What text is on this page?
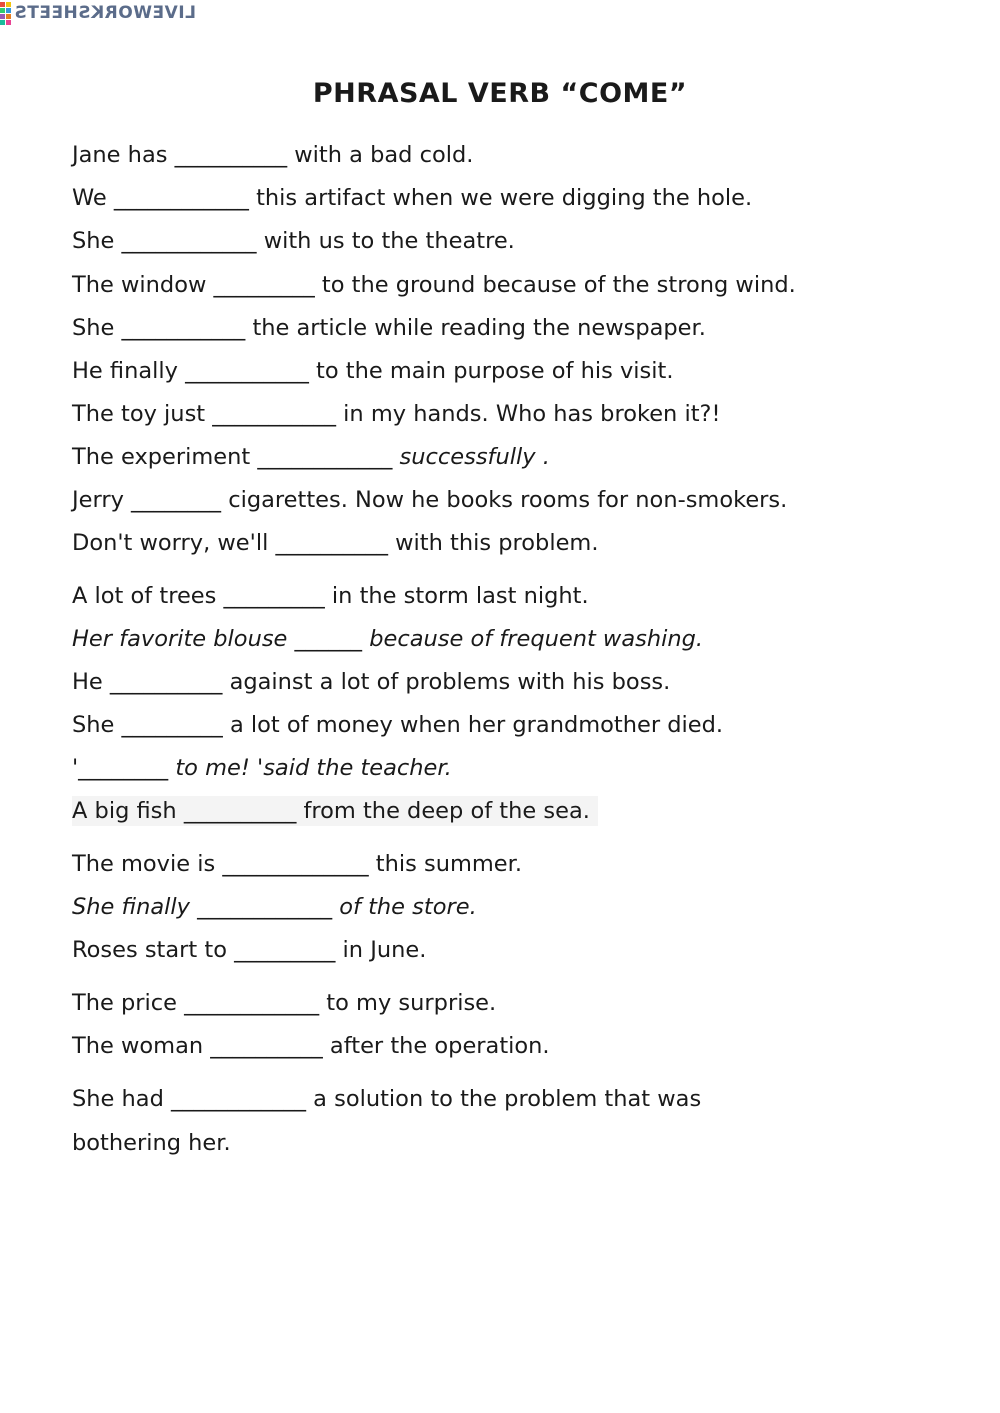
LIVEWORKSHEETS
PHRASAL VERB “COME”
Jane has __________ with a bad cold.
We ____________ this artifact when we were digging the hole.
She ____________ with us to the theatre.
The window _________ to the ground because of the strong wind.
She ___________ the article while reading the newspaper.
He finally ___________ to the main purpose of his visit.
The toy just ___________ in my hands. Who has broken it?!
The experiment ____________ successfully .
Jerry ________ cigarettes. Now he books rooms for non-smokers.
Don't worry, we'll __________ with this problem.
A lot of trees _________ in the storm last night.
Her favorite blouse ______ because of frequent washing.
He __________ against a lot of problems with his boss.
She _________ a lot of money when her grandmother died.
'________ to me! 'said the teacher.
A big fish __________ from the deep of the sea.
The movie is _____________ this summer.
She finally ____________ of the store.
Roses start to _________ in June.
The price ____________ to my surprise.
The woman __________ after the operation.
She had ____________ a solution to the problem that was
bothering her.
